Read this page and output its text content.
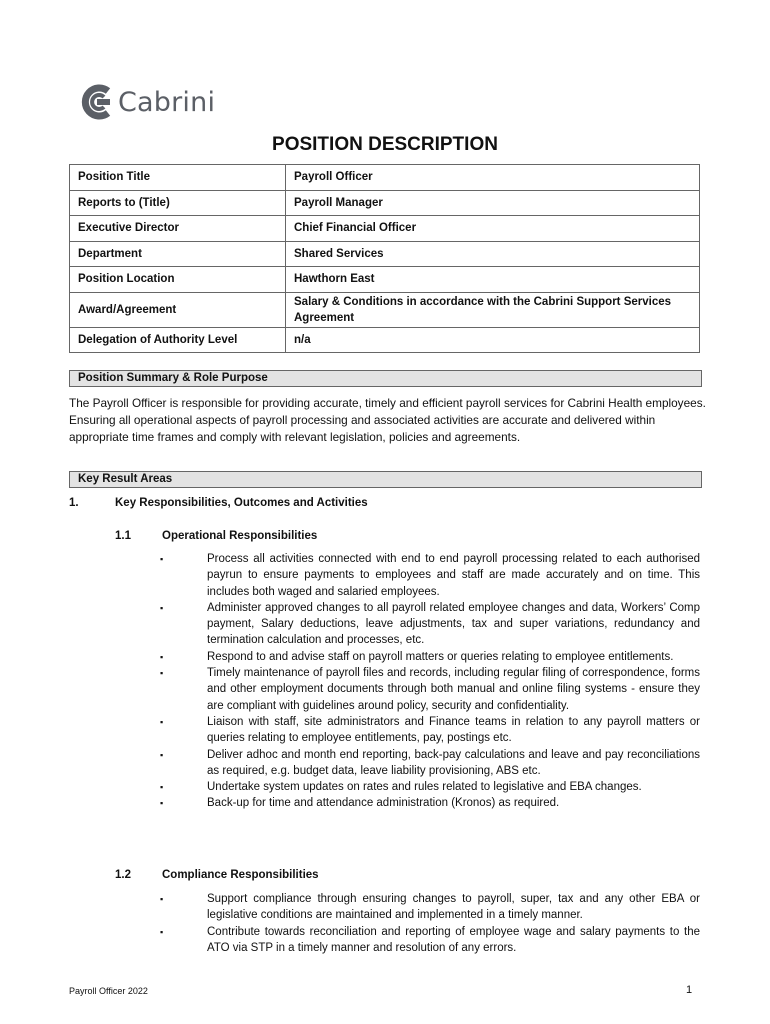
Cabrini
POSITION DESCRIPTION
Position Title	Payroll Officer
Reports to (Title)	Payroll Manager
Executive Director	Chief Financial Officer
Department	Shared Services
Position Location	Hawthorn East
Award/Agreement	Salary & Conditions in accordance with the Cabrini Support Services Agreement
Delegation of Authority Level	n/a
Position Summary & Role Purpose
The Payroll Officer is responsible for providing accurate, timely and efficient payroll services for Cabrini Health employees. Ensuring all operational aspects of payroll processing and associated activities are accurate and delivered within appropriate time frames and comply with relevant legislation, policies and agreements.
Key Result Areas
1.	Key Responsibilities, Outcomes and Activities
1.1	Operational Responsibilities
▪	Process all activities connected with end to end payroll processing related to each authorised payrun to ensure payments to employees and staff are made accurately and on time. This includes both waged and salaried employees.
▪	Administer approved changes to all payroll related employee changes and data, Workers’ Comp payment, Salary deductions, leave adjustments, tax and super variations, redundancy and termination calculation and processes, etc.
▪	Respond to and advise staff on payroll matters or queries relating to employee entitlements.
▪	Timely maintenance of payroll files and records, including regular filing of correspondence, forms and other employment documents through both manual and online filing systems - ensure they are compliant with guidelines around policy, security and confidentiality.
▪	Liaison with staff, site administrators and Finance teams in relation to any payroll matters or queries relating to employee entitlements, pay, postings etc.
▪	Deliver adhoc and month end reporting, back-pay calculations and leave and pay reconciliations as required, e.g. budget data, leave liability provisioning, ABS etc.
▪	Undertake system updates on rates and rules related to legislative and EBA changes.
▪	Back-up for time and attendance administration (Kronos) as required.
1.2	Compliance Responsibilities
▪	Support compliance through ensuring changes to payroll, super, tax and any other EBA or legislative conditions are maintained and implemented in a timely manner.
▪	Contribute towards reconciliation and reporting of employee wage and salary payments to the ATO via STP in a timely manner and resolution of any errors.
Payroll Officer 2022	1
